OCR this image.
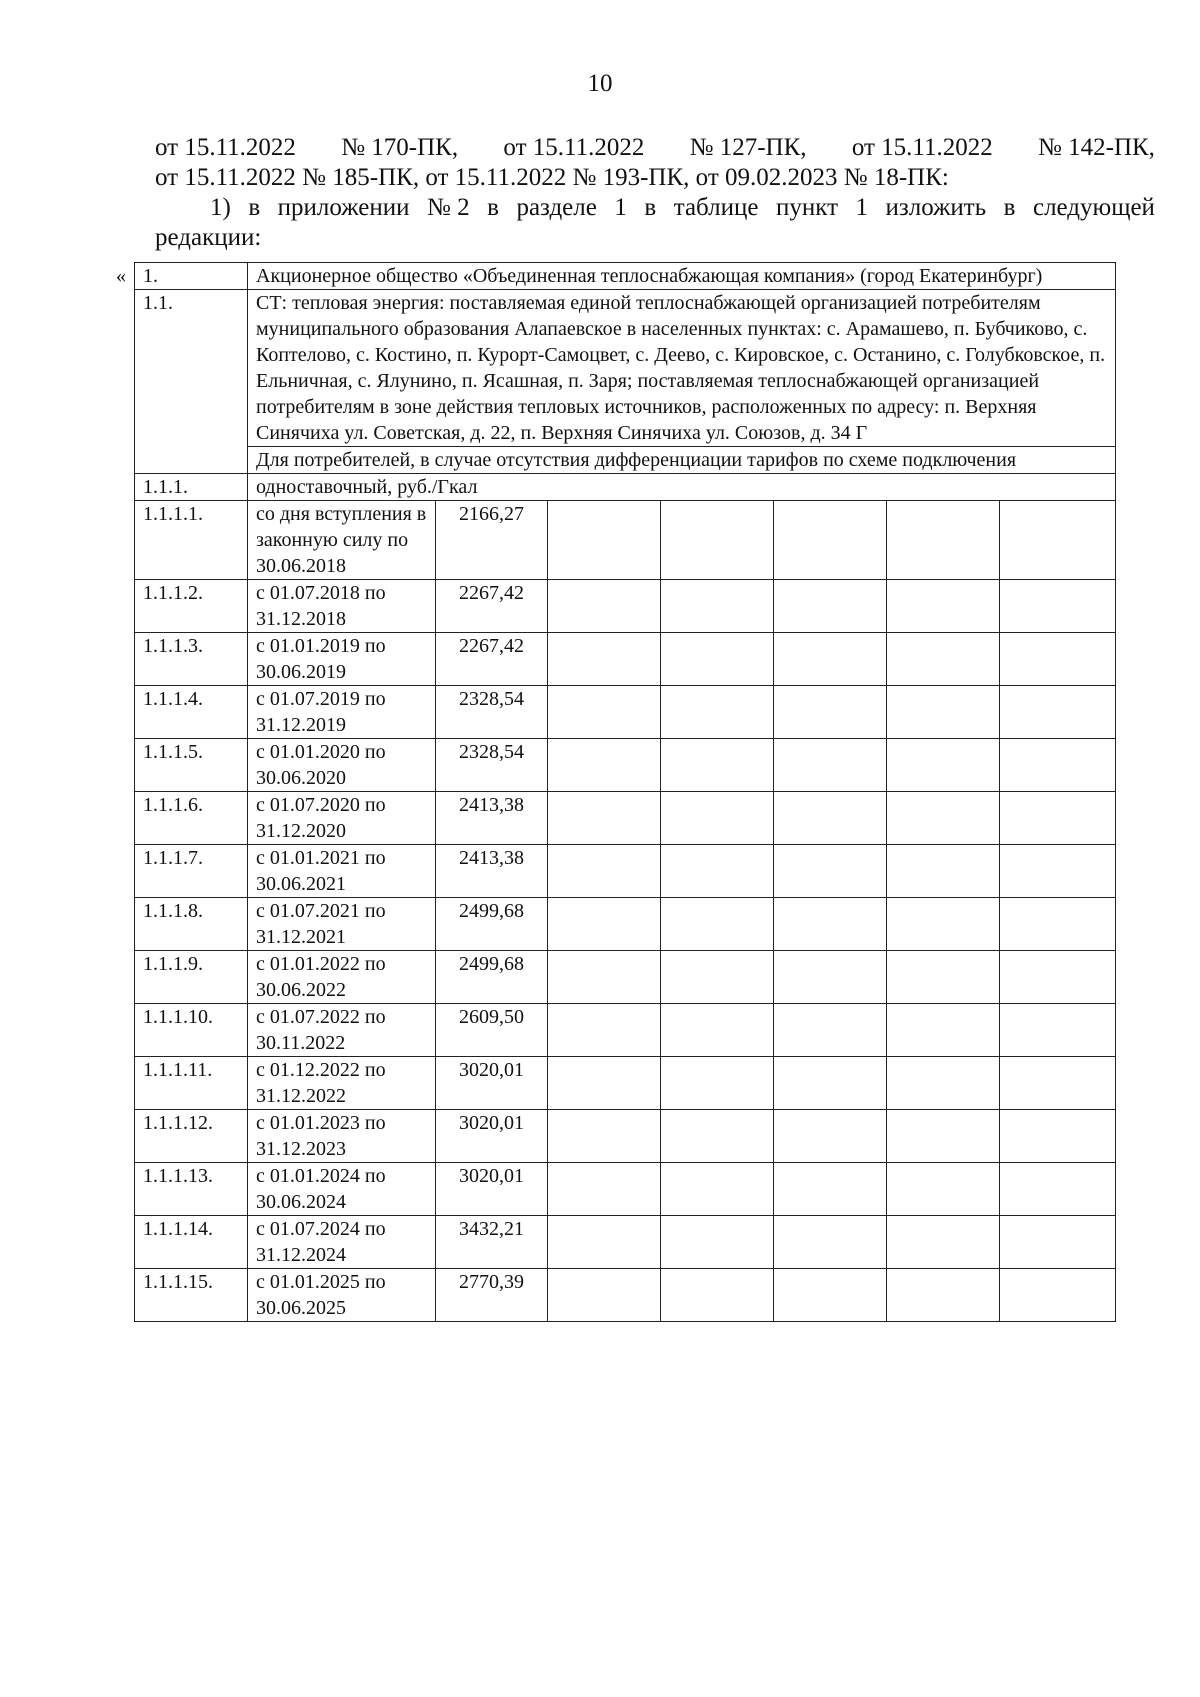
10
от 15.11.2022 № 170-ПК, от 15.11.2022 № 127-ПК, от 15.11.2022 № 142-ПК,
от 15.11.2022 № 185-ПК, от 15.11.2022 № 193-ПК, от 09.02.2023 № 18-ПК:
1) в приложении № 2 в разделе 1 в таблице пункт 1 изложить в следующей
редакции:
« 1.	Акционерное общество «Объединенная теплоснабжающая компания» (город Екатеринбург)						
1.1.	СТ: тепловая энергия: поставляемая единой теплоснабжающей организацией потребителям муниципального образования Алапаевское в населенных пунктах: с. Арамашево, п. Бубчиково, с. Коптелово, с. Костино, п. Курорт-Самоцвет, с. Деево, с. Кировское, с. Останино, с. Голубковское, п. Ельничная, с. Ялунино, п. Ясашная, п. Заря; поставляемая теплоснабжающей организацией потребителям в зоне действия тепловых источников, расположенных по адресу: п. Верхняя Синячиха ул. Советская, д. 22, п. Верхняя Синячиха ул. Союзов, д. 34 Г						
	Для потребителей, в случае отсутствия дифференциации тарифов по схеме подключения						
1.1.1.	одноставочный, руб./Гкал						
1.1.1.1.	со дня вступления в законную силу по 30.06.2018	2166,27					
1.1.1.2.	с 01.07.2018 по 31.12.2018	2267,42					
1.1.1.3.	с 01.01.2019 по 30.06.2019	2267,42					
1.1.1.4.	с 01.07.2019 по 31.12.2019	2328,54					
1.1.1.5.	с 01.01.2020 по 30.06.2020	2328,54					
1.1.1.6.	с 01.07.2020 по 31.12.2020	2413,38					
1.1.1.7.	с 01.01.2021 по 30.06.2021	2413,38					
1.1.1.8.	с 01.07.2021 по 31.12.2021	2499,68					
1.1.1.9.	с 01.01.2022 по 30.06.2022	2499,68					
1.1.1.10.	с 01.07.2022 по 30.11.2022	2609,50					
1.1.1.11.	с 01.12.2022 по 31.12.2022	3020,01					
1.1.1.12.	с 01.01.2023 по 31.12.2023	3020,01					
1.1.1.13.	с 01.01.2024 по 30.06.2024	3020,01					
1.1.1.14.	с 01.07.2024 по 31.12.2024	3432,21					
1.1.1.15.	с 01.01.2025 по 30.06.2025	2770,39					
